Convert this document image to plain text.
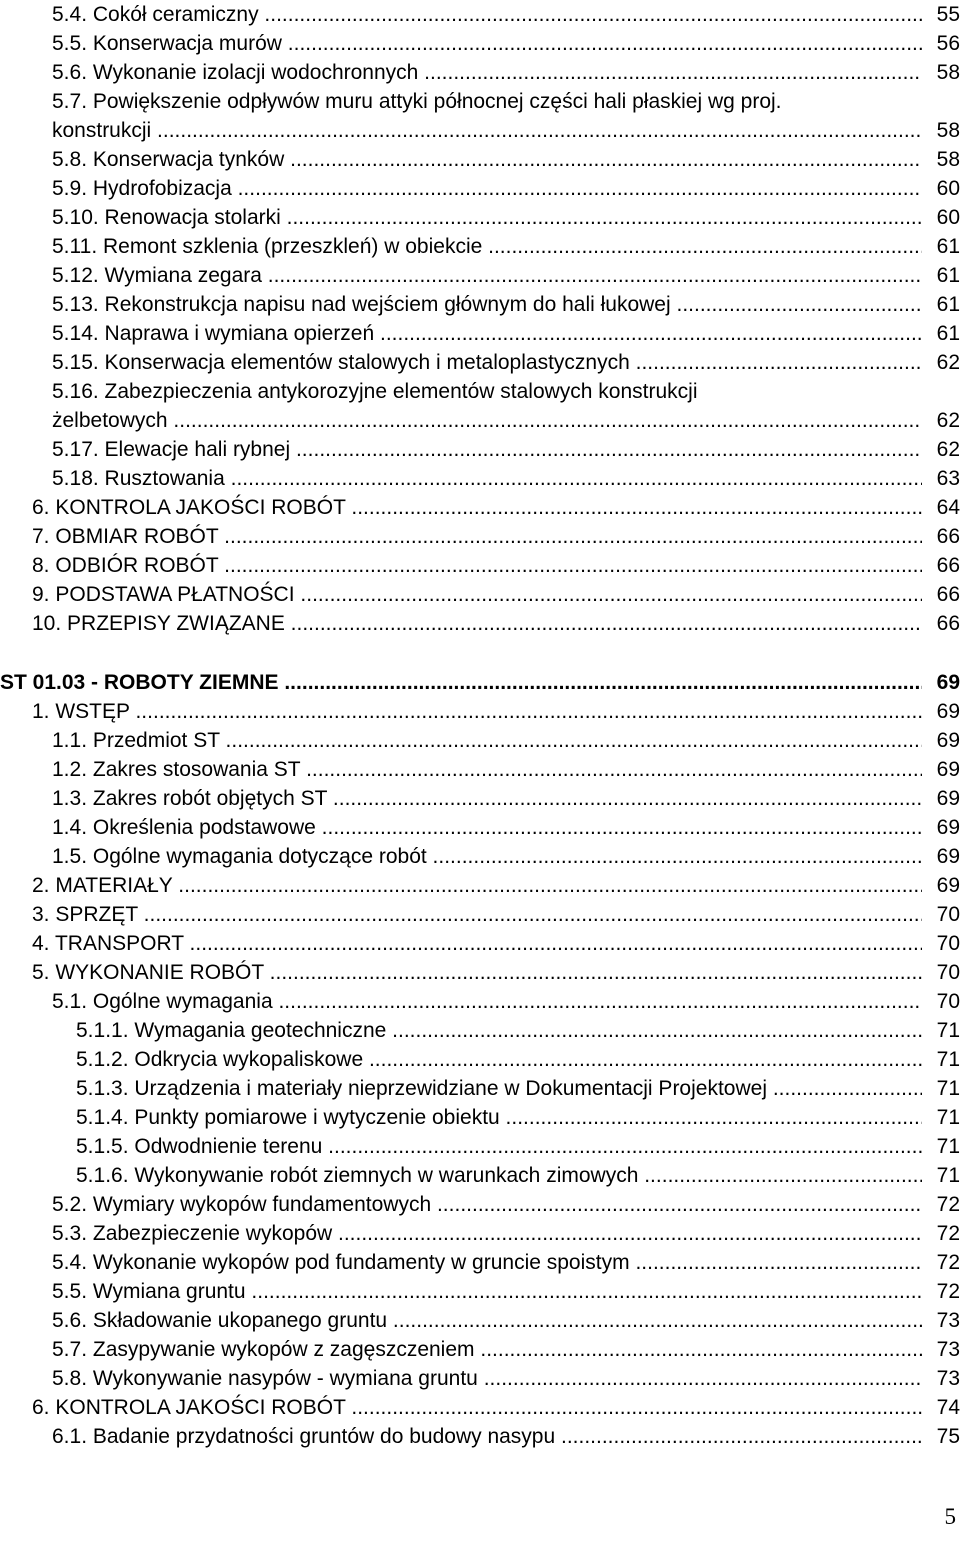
5.4. Cokół ceramiczny .....	55
5.5. Konserwacja murów .....	56
5.6. Wykonanie izolacji wodochronnych .....	58
5.7. Powiększenie odpływów muru attyki północnej części hali płaskiej wg proj.
konstrukcji .....	58
5.8. Konserwacja tynków .....	58
5.9. Hydrofobizacja .....	60
5.10. Renowacja stolarki .....	60
5.11. Remont szklenia (przeszkleń) w obiekcie .....	61
5.12. Wymiana zegara .....	61
5.13. Rekonstrukcja napisu nad wejściem głównym do hali łukowej .....	61
5.14. Naprawa i wymiana opierzeń .....	61
5.15. Konserwacja elementów stalowych i metaloplastycznych .....	62
5.16. Zabezpieczenia antykorozyjne elementów stalowych konstrukcji
żelbetowych .....	62
5.17. Elewacje hali rybnej .....	62
5.18. Rusztowania .....	63
6. KONTROLA JAKOŚCI ROBÓT .....	64
7. OBMIAR ROBÓT .....	66
8. ODBIÓR ROBÓT .....	66
9. PODSTAWA PŁATNOŚCI .....	66
10. PRZEPISY ZWIĄZANE .....	66
ST 01.03 - ROBOTY ZIEMNE .....	69
1. WSTĘP .....	69
1.1. Przedmiot ST .....	69
1.2. Zakres stosowania ST .....	69
1.3. Zakres robót objętych ST .....	69
1.4. Określenia podstawowe .....	69
1.5. Ogólne wymagania dotyczące robót .....	69
2. MATERIAŁY .....	69
3. SPRZĘT .....	70
4. TRANSPORT .....	70
5. WYKONANIE ROBÓT .....	70
5.1. Ogólne wymagania .....	70
5.1.1. Wymagania geotechniczne .....	71
5.1.2. Odkrycia wykopaliskowe .....	71
5.1.3. Urządzenia i materiały nieprzewidziane w Dokumentacji Projektowej .....	71
5.1.4. Punkty pomiarowe i wytyczenie obiektu .....	71
5.1.5. Odwodnienie terenu .....	71
5.1.6. Wykonywanie robót ziemnych w warunkach zimowych .....	71
5.2. Wymiary wykopów fundamentowych .....	72
5.3. Zabezpieczenie wykopów .....	72
5.4. Wykonanie wykopów pod fundamenty w gruncie spoistym .....	72
5.5. Wymiana gruntu .....	72
5.6. Składowanie ukopanego gruntu .....	73
5.7. Zasypywanie wykopów z zagęszczeniem .....	73
5.8. Wykonywanie nasypów - wymiana gruntu .....	73
6. KONTROLA JAKOŚCI ROBÓT .....	74
6.1. Badanie przydatności gruntów do budowy nasypu .....	75
5
